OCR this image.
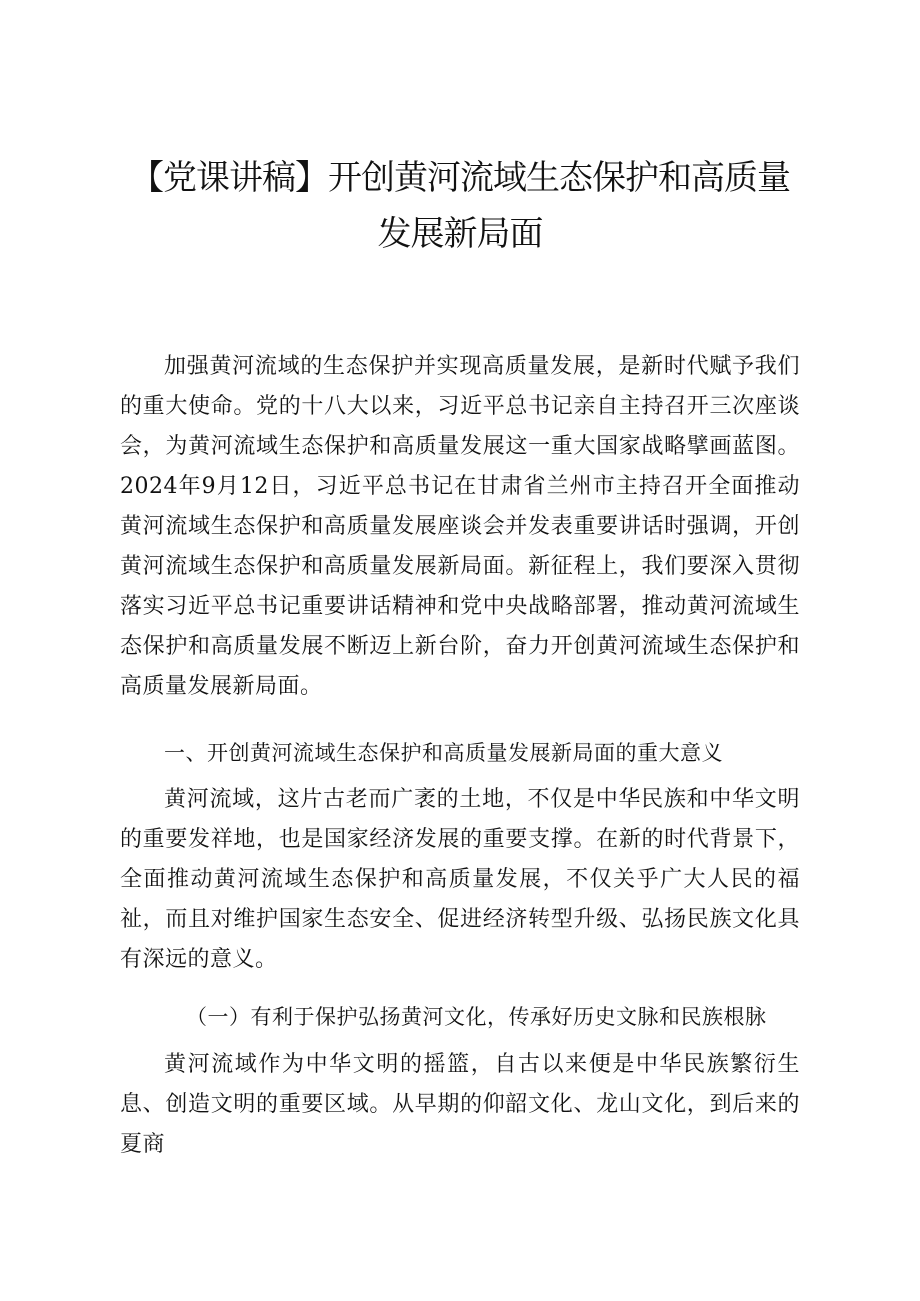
【党课讲稿】开创黄河流域生态保护和高质量
发展新局面

加强黄河流域的生态保护并实现高质量发展，是新时代赋予我们的重大使命。党的十八大以来，习近平总书记亲自主持召开三次座谈会，为黄河流域生态保护和高质量发展这一重大国家战略擘画蓝图。2024年9月12日，习近平总书记在甘肃省兰州市主持召开全面推动黄河流域生态保护和高质量发展座谈会并发表重要讲话时强调，开创黄河流域生态保护和高质量发展新局面。新征程上，我们要深入贯彻落实习近平总书记重要讲话精神和党中央战略部署，推动黄河流域生态保护和高质量发展不断迈上新台阶，奋力开创黄河流域生态保护和高质量发展新局面。

一、开创黄河流域生态保护和高质量发展新局面的重大意义

黄河流域，这片古老而广袤的土地，不仅是中华民族和中华文明的重要发祥地，也是国家经济发展的重要支撑。在新的时代背景下，全面推动黄河流域生态保护和高质量发展，不仅关乎广大人民的福祉，而且对维护国家生态安全、促进经济转型升级、弘扬民族文化具有深远的意义。

（一）有利于保护弘扬黄河文化，传承好历史文脉和民族根脉

黄河流域作为中华文明的摇篮，自古以来便是中华民族繁衍生息、创造文明的重要区域。从早期的仰韶文化、龙山文化，到后来的夏商
